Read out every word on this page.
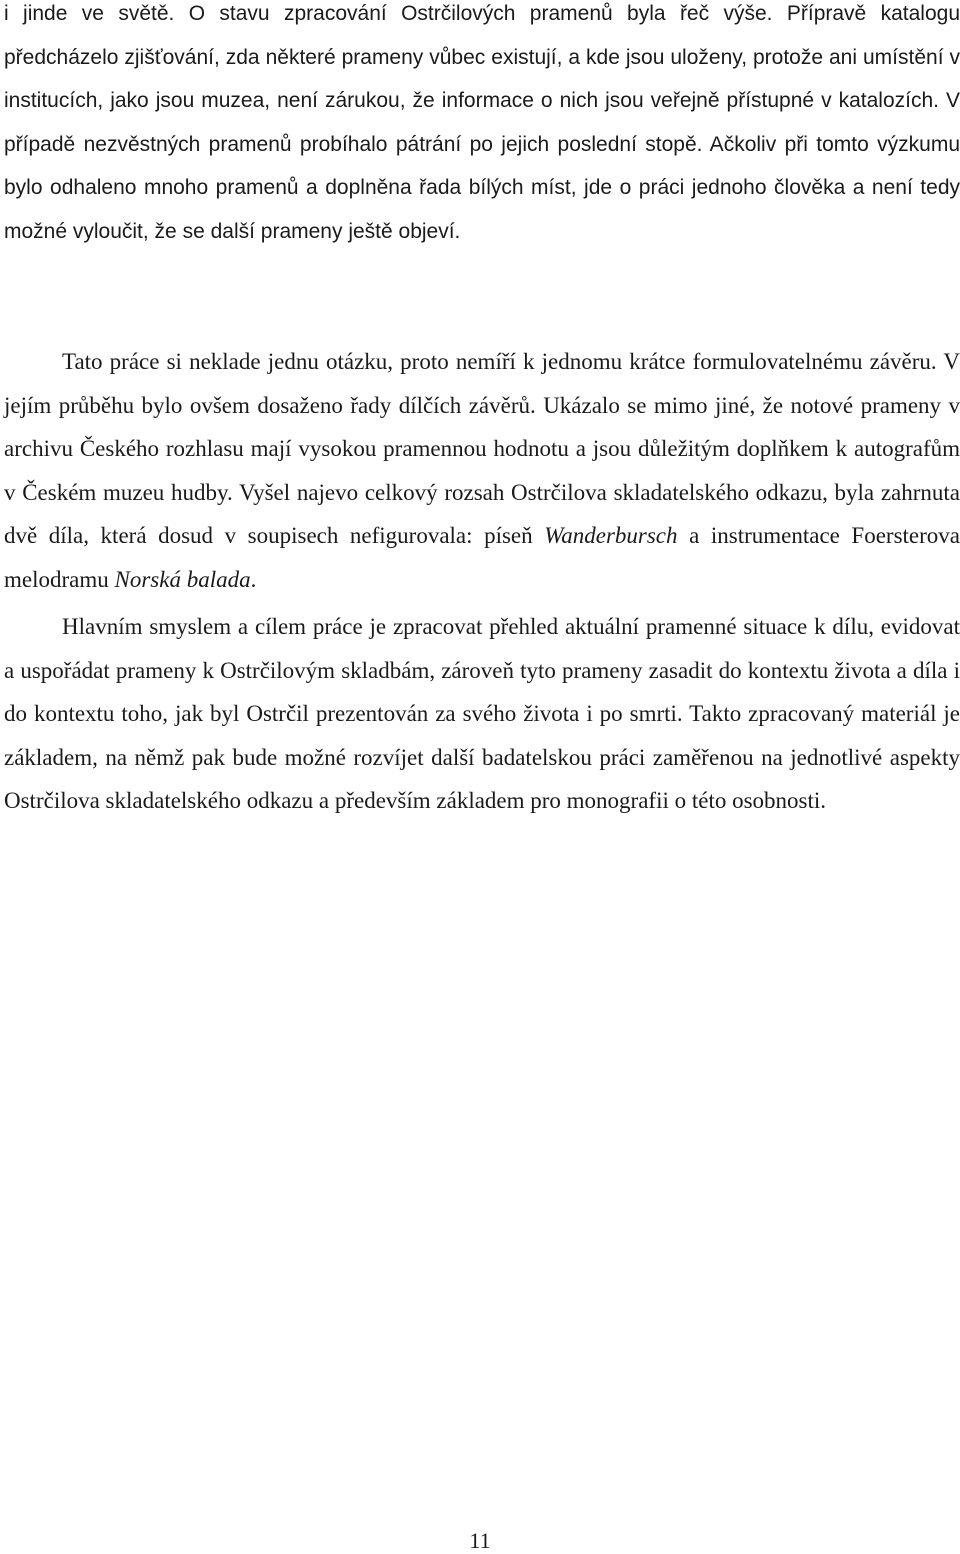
i jinde ve světě. O stavu zpracování Ostrčilových pramenů byla řeč výše. Přípravě katalogu předcházelo zjišťování, zda některé prameny vůbec existují, a kde jsou uloženy, protože ani umístění v institucích, jako jsou muzea, není zárukou, že informace o nich jsou veřejně přístupné v katalozích. V případě nezvěstných pramenů probíhalo pátrání po jejich poslední stopě. Ačkoliv při tomto výzkumu bylo odhaleno mnoho pramenů a doplněna řada bílých míst, jde o práci jednoho člověka a není tedy možné vyloučit, že se další prameny ještě objeví.

Tato práce si neklade jednu otázku, proto nemíří k jednomu krátce formulovatelnému závěru. V jejím průběhu bylo ovšem dosaženo řady dílčích závěrů. Ukázalo se mimo jiné, že notové prameny v archivu Českého rozhlasu mají vysokou pramennou hodnotu a jsou důležitým doplňkem k autografům v Českém muzeu hudby. Vyšel najevo celkový rozsah Ostrčilova skladatelského odkazu, byla zahrnuta dvě díla, která dosud v soupisech nefigurovala: píseň Wanderbursch a instrumentace Foersterova melodramu Norská balada.

Hlavním smyslem a cílem práce je zpracovat přehled aktuální pramenné situace k dílu, evidovat a uspořádat prameny k Ostrčilovým skladbám, zároveň tyto prameny zasadit do kontextu života a díla i do kontextu toho, jak byl Ostrčil prezentován za svého života i po smrti. Takto zpracovaný materiál je základem, na němž pak bude možné rozvíjet další badatelskou práci zaměřenou na jednotlivé aspekty Ostrčilova skladatelského odkazu a především základem pro monografii o této osobnosti.

11
